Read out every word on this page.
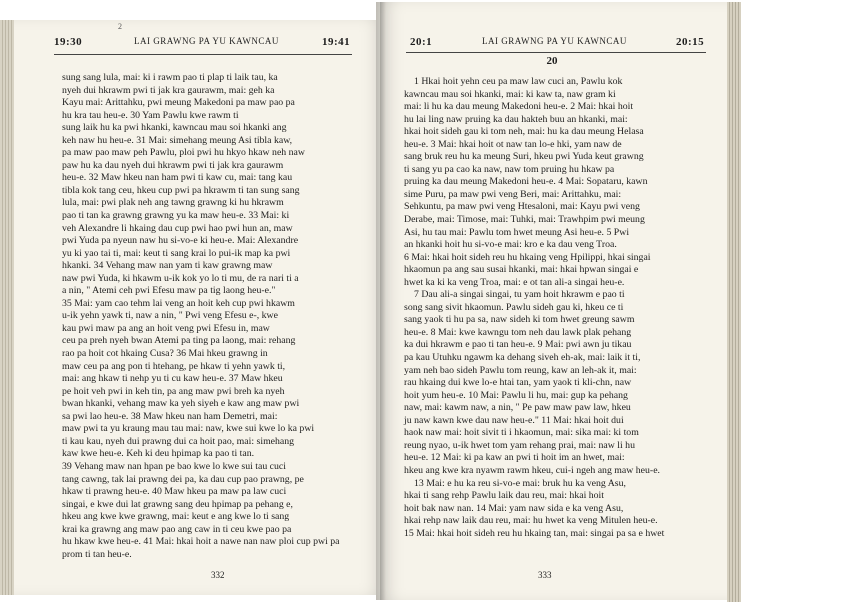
19:30	LAI GRAWNG PA YU KAWNCAU	19:41
2
sung sang lula, mai: ki i rawm pao ti plap ti laik tau, ka
nyeh dui hkrawm pwi ti jak kra gaurawm, mai: geh ka
Kayu mai: Arittahku, pwi meung Makedoni pa maw pao pa
hu kra tau heu-e. 30 Yam Pawlu kwe rawm ti
sung laik hu ka pwi hkanki, kawncau mau soi hkanki ang
keh naw hu heu-e. 31 Mai: simehang meung Asi tibla kaw,
pa maw pao maw peh Pawlu, ploi pwi hu hkyo hkaw neh naw
paw hu ka dau nyeh dui hkrawm pwi ti jak kra gaurawm
heu-e. 32 Maw hkeu nan ham pwi ti kaw cu, mai: tang kau
tibla kok tang ceu, hkeu cup pwi pa hkrawm ti tan sung sang
lula, mai: pwi plak neh ang tawng grawng ki hu hkrawm
pao ti tan ka grawng grawng yu ka maw heu-e. 33 Mai: ki
veh Alexandre li hkaing dau cup pwi hao pwi hun an, maw
pwi Yuda pa nyeun naw hu si-vo-e ki heu-e. Mai: Alexandre
yu ki yao tai ti, mai: keut ti sang krai lo pui-ik map ka pwi
hkanki. 34 Vehang maw nan yam ti kaw grawng maw
naw pwi Yuda, ki hkawm u-ik kok yo lo ti mu, de ra nari ti a
a nin, " Atemi ceh pwi Efesu maw pa tig laong heu-e."
35 Mai: yam cao tehm lai veng an hoit keh cup pwi hkawm
u-ik yehn yawk ti, naw a nin, " Pwi veng Efesu e-, kwe
kau pwi maw pa ang an hoit veng pwi Efesu in, maw
ceu pa preh nyeh bwan Atemi pa ting pa laong, mai: rehang
rao pa hoit cot hkaing Cusa? 36 Mai hkeu grawng in
maw ceu pa ang pon ti htehang, pe hkaw ti yehn yawk ti,
mai: ang hkaw ti nehp yu ti cu kaw heu-e. 37 Maw hkeu
pe hoit veh pwi in keh tin, pa ang maw pwi breh ka nyeh
bwan hkanki, vehang maw ka yeh siyeh e kaw ang maw pwi
sa pwi lao heu-e. 38 Maw hkeu nan ham Demetri, mai:
maw pwi ta yu kraung mau tau mai: naw, kwe sui kwe lo ka pwi
ti kau kau, nyeh dui prawng dui ca hoit pao, mai: simehang
kaw kwe heu-e. Keh ki deu hpimap ka pao ti tan.
39 Vehang maw nan hpan pe bao kwe lo kwe sui tau cuci
tang cawng, tak lai prawng dei pa, ka dau cup pao prawng, pe
hkaw ti prawng heu-e. 40 Maw hkeu pa maw pa law cuci
singai, e kwe dui lat grawng sang deu hpimap pa pehang e,
hkeu ang kwe kwe grawng, mai: keut e ang kwe lo ti sang
krai ka grawng ang maw pao ang caw in ti ceu kwe pao pa
hu hkaw kwe heu-e. 41 Mai: hkai hoit a nawe nan naw ploi cup pwi pa
prom ti tan heu-e.
332
20:1	LAI GRAWNG PA YU KAWNCAU	20:15
20
1 Hkai hoit yehn ceu pa maw law cuci an, Pawlu kok
kawncau mau soi hkanki, mai: ki kaw ta, naw gram ki
mai: li hu ka dau meung Makedoni heu-e. 2 Mai: hkai hoit
hu lai ling naw pruing ka dau hakteh buu an hkanki, mai:
hkai hoit sideh gau ki tom neh, mai: hu ka dau meung Helasa
heu-e. 3 Mai: hkai hoit ot naw tan lo-e hki, yam naw de
sang bruk reu hu ka meung Suri, hkeu pwi Yuda keut grawng
ti sang yu pa cao ka naw, naw tom pruing hu hkaw pa
pruing ka dau meung Makedoni heu-e. 4 Mai: Sopataru, kawn
sime Puru, pa maw pwi veng Beri, mai: Arittahku, mai:
Sehkuntu, pa maw pwi veng Htesaloni, mai: Kayu pwi veng
Derabe, mai: Timose, mai: Tuhki, mai: Trawhpim pwi meung
Asi, hu tau mai: Pawlu tom hwet meung Asi heu-e. 5 Pwi
an hkanki hoit hu si-vo-e mai: kro e ka dau veng Troa.
6 Mai: hkai hoit sideh reu hu hkaing veng Hpilippi, hkai singai
hkaomun pa ang sau susai hkanki, mai: hkai hpwan singai e
hwet ka ki ka veng Troa, mai: e ot tan ali-a singai heu-e.
7 Dau ali-a singai singai, tu yam hoit hkrawm e pao ti
song sang sivit hkaomun. Pawlu sideh gau ki, hkeu ce ti
sang yaok ti hu pa sa, naw sideh ki tom hwet greung sawm
heu-e. 8 Mai: kwe kawngu tom neh dau lawk plak pehang
ka dui hkrawm e pao ti tan heu-e. 9 Mai: pwi awn ju tikau
pa kau Utuhku ngawm ka dehang siveh eh-ak, mai: laik it ti,
yam neh bao sideh Pawlu tom reung, kaw an leh-ak it, mai:
rau hkaing dui kwe lo-e htai tan, yam yaok ti kli-chn, naw
hoit yum heu-e. 10 Mai: Pawlu li hu, mai: gup ka pehang
naw, mai: kawm naw, a nin, " Pe paw maw paw law, hkeu
ju naw kawn kwe dau naw heu-e." 11 Mai: hkai hoit dui
haok naw mai: hoit sivit ti i hkaomun, mai: sika mai: ki tom
reung nyao, u-ik hwet tom yam rehang prai, mai: naw li hu
heu-e. 12 Mai: ki pa kaw an pwi ti hoit im an hwet, mai:
hkeu ang kwe kra nyawm rawm hkeu, cui-i ngeh ang maw heu-e.
13 Mai: e hu ka reu si-vo-e mai: bruk hu ka veng Asu,
hkai ti sang rehp Pawlu laik dau reu, mai: hkai hoit
hoit bak naw nan. 14 Mai: yam naw sida e ka veng Asu,
hkai rehp naw laik dau reu, mai: hu hwet ka veng Mitulen heu-e.
15 Mai: hkai hoit sideh reu hu hkaing tan, mai: singai pa sa e hwet
333
